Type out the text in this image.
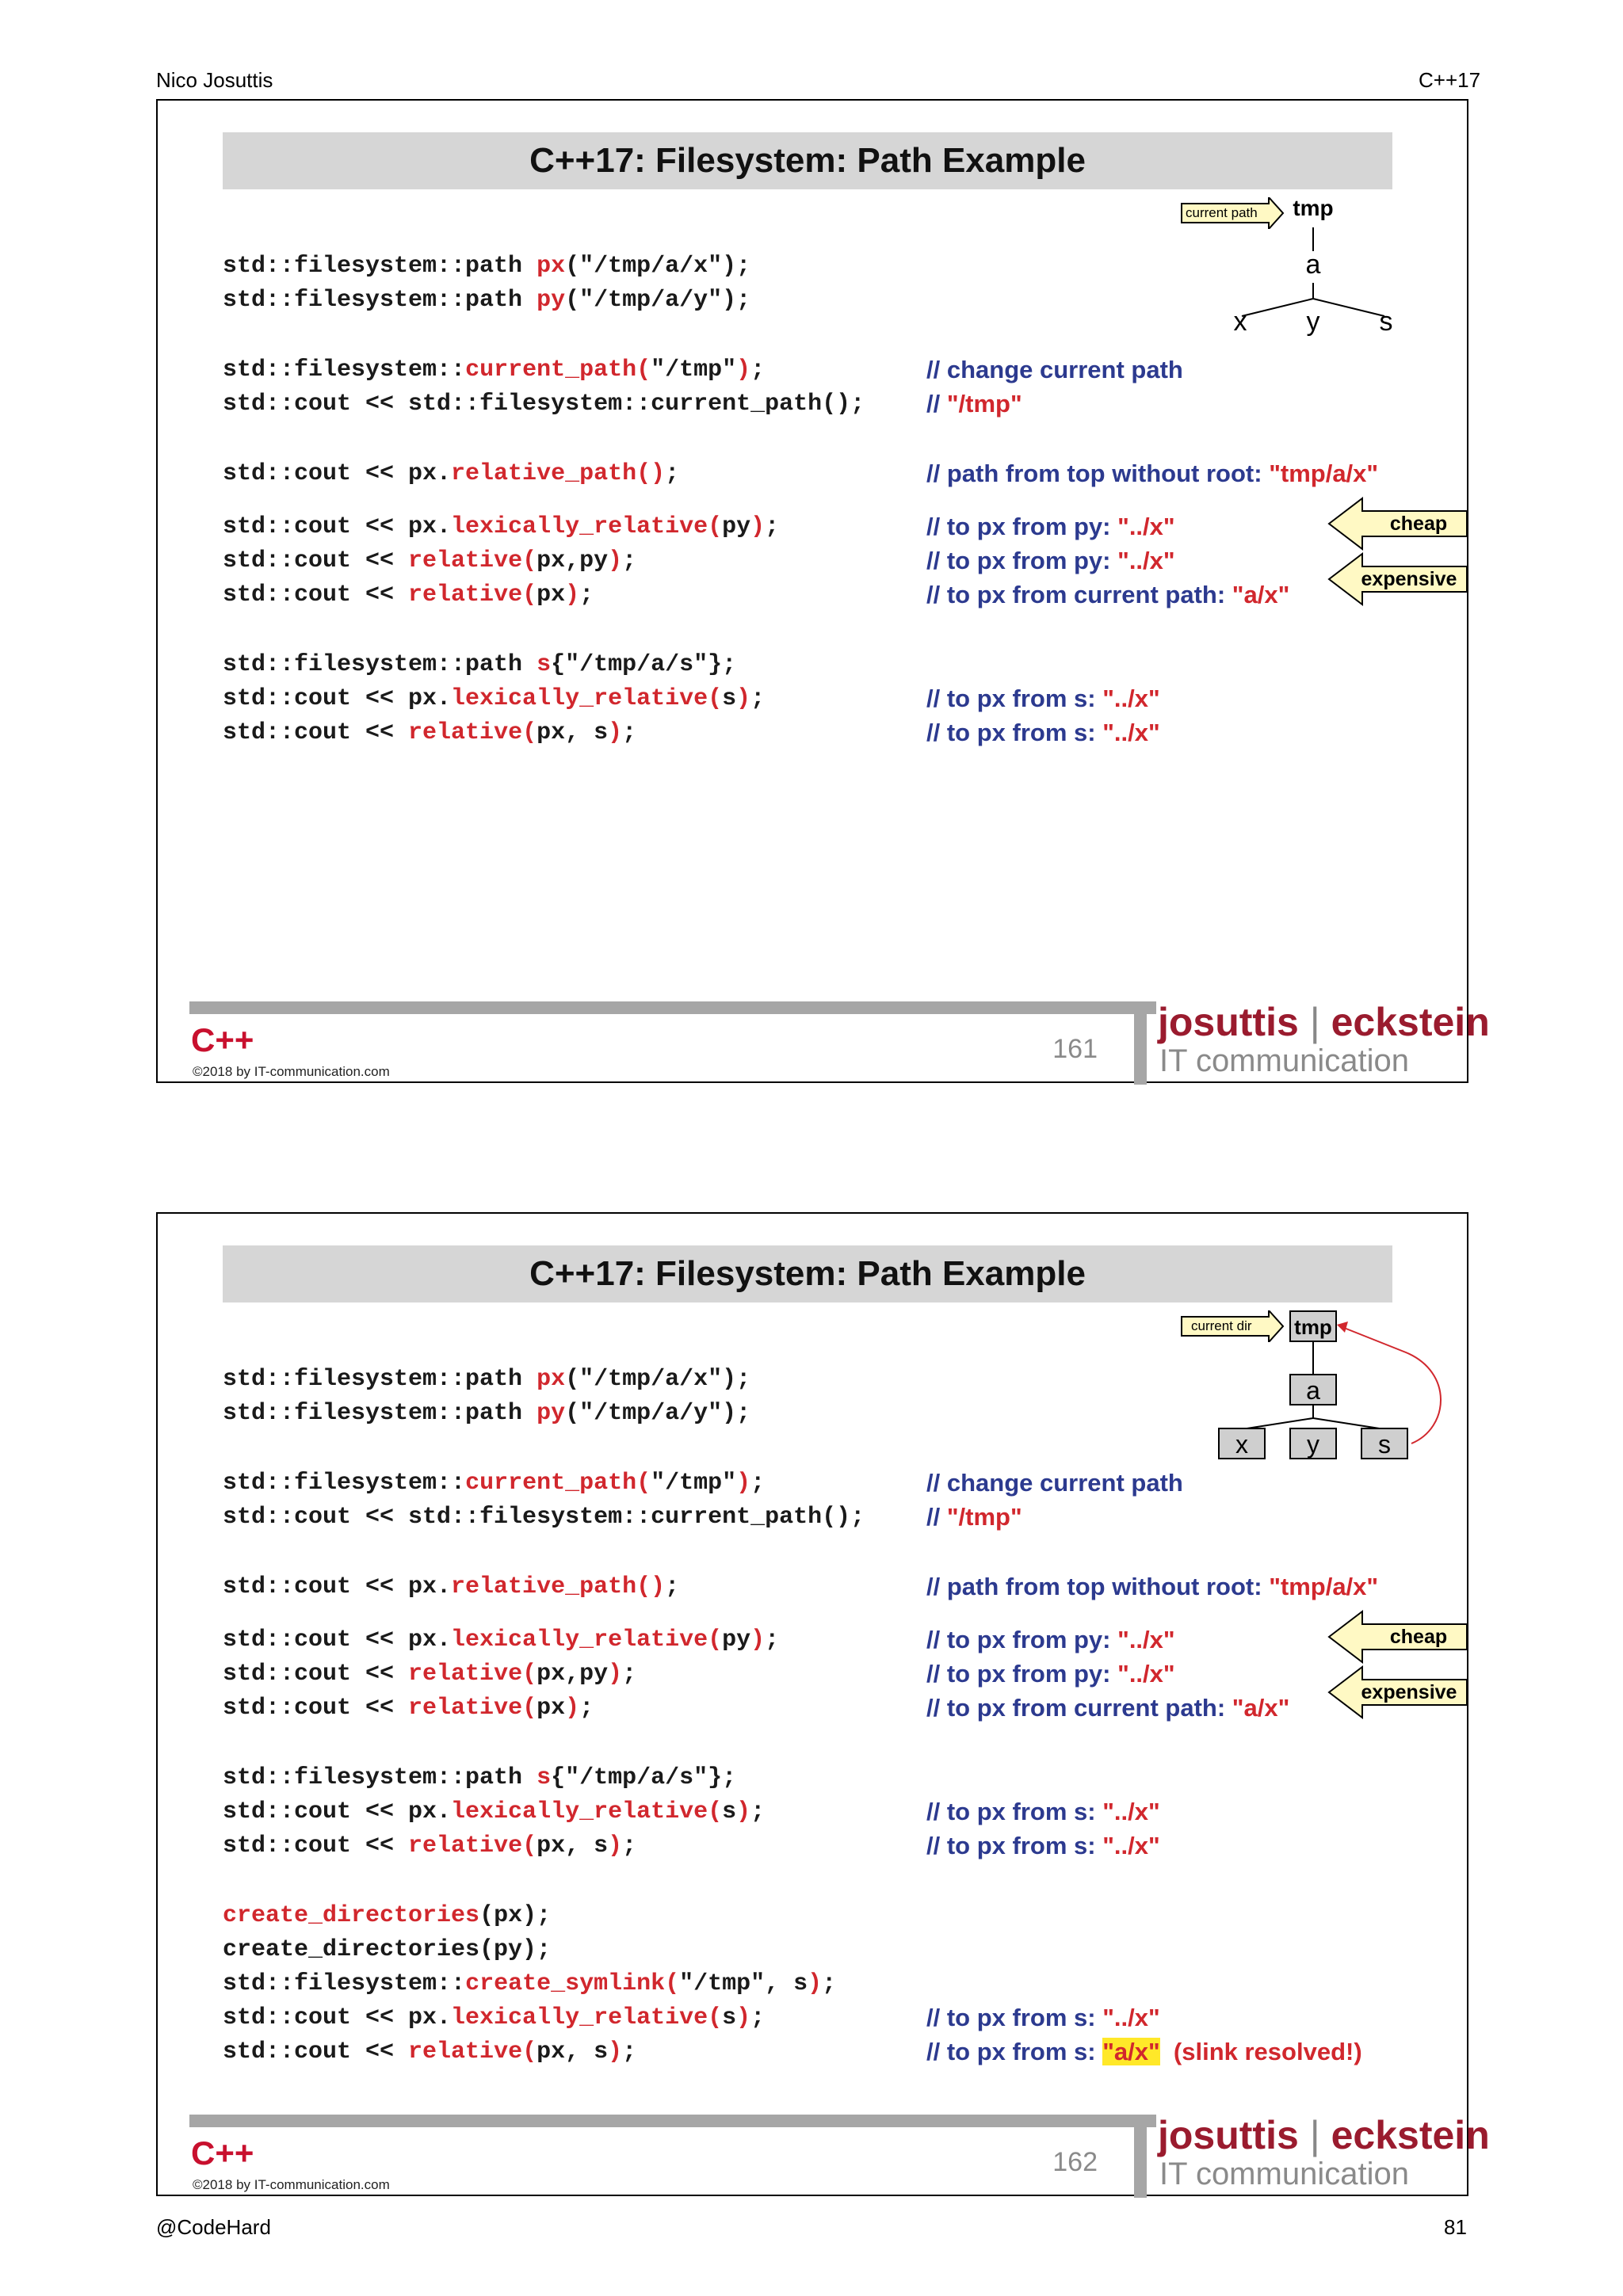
Nico Josuttis	C++17
C++17: Filesystem: Path Example
current path tmp
a
x	y	s
std::filesystem::path px("/tmp/a/x");
std::filesystem::path py("/tmp/a/y");
std::filesystem::current_path("/tmp");	// change current path
std::cout << std::filesystem::current_path();	// "/tmp"
std::cout << px.relative_path();	// path from top without root: "tmp/a/x"
std::cout << px.lexically_relative(py);	// to px from py: "../x"
std::cout << relative(px,py);	// to px from py: "../x"
std::cout << relative(px);	// to px from current path: "a/x"
std::filesystem::path s{"/tmp/a/s"};
std::cout << px.lexically_relative(s);	// to px from s: "../x"
std::cout << relative(px, s);	// to px from s: "../x"
cheap
expensive
C++
©2018 by IT-communication.com
161
josuttis | eckstein
IT communication
C++17: Filesystem: Path Example
current dir tmp
a
x	y	s
std::filesystem::path px("/tmp/a/x");
std::filesystem::path py("/tmp/a/y");
std::filesystem::current_path("/tmp");	// change current path
std::cout << std::filesystem::current_path();	// "/tmp"
std::cout << px.relative_path();	// path from top without root: "tmp/a/x"
std::cout << px.lexically_relative(py);	// to px from py: "../x"
std::cout << relative(px,py);	// to px from py: "../x"
std::cout << relative(px);	// to px from current path: "a/x"
std::filesystem::path s{"/tmp/a/s"};
std::cout << px.lexically_relative(s);	// to px from s: "../x"
std::cout << relative(px, s);	// to px from s: "../x"
create_directories(px);
create_directories(py);
std::filesystem::create_symlink("/tmp", s);
std::cout << px.lexically_relative(s);	// to px from s: "../x"
std::cout << relative(px, s);	// to px from s: "a/x"  (slink resolved!)
cheap
expensive
C++
©2018 by IT-communication.com
162
josuttis | eckstein
IT communication
@CodeHard	81
